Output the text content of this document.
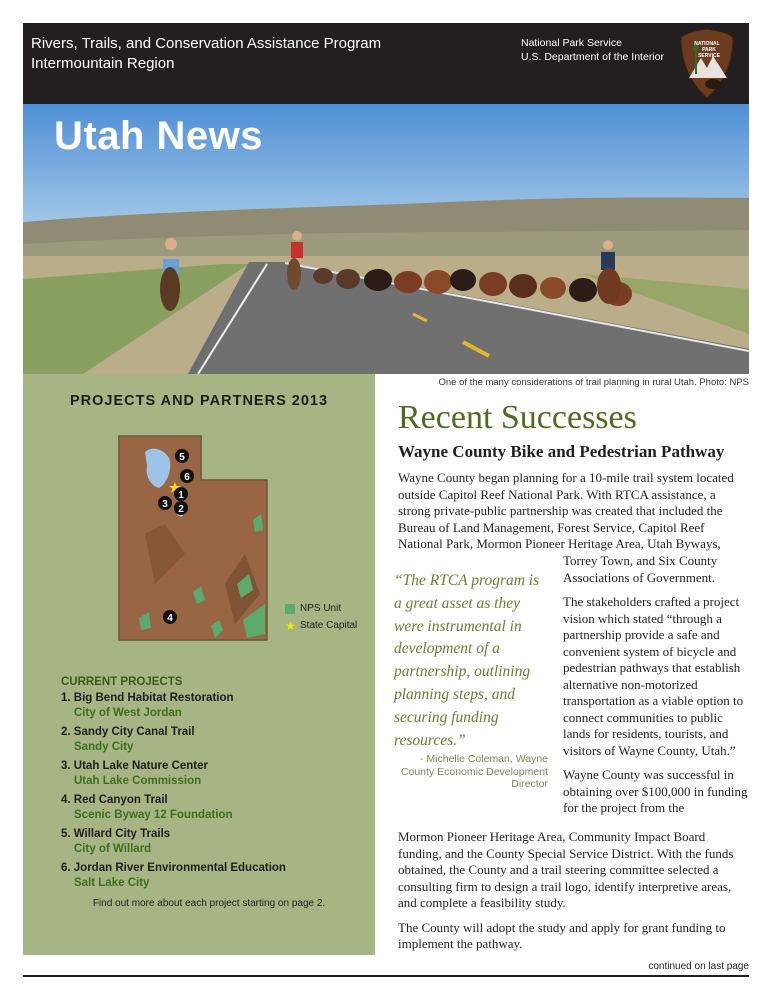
Rivers, Trails, and Conservation Assistance Program
Intermountain Region
National Park Service
U.S. Department of the Interior
NATIONAL
PARK
SERVICE
Utah News
One of the many considerations of trail planning in rural Utah. Photo: NPS
PROJECTS AND PARTNERS 2013
5
6
1
3 2
4
NPS Unit
★ State Capital
CURRENT PROJECTS
1. Big Bend Habitat Restoration
City of West Jordan
2. Sandy City Canal Trail
Sandy City
3. Utah Lake Nature Center
Utah Lake Commission
4. Red Canyon Trail
Scenic Byway 12 Foundation
5. Willard City Trails
City of Willard
6. Jordan River Environmental Education
Salt Lake City
Find out more about each project starting on page 2.
Recent Successes
Wayne County Bike and Pedestrian Pathway

Wayne County began planning for a 10-mile trail system located outside Capitol Reef National Park. With RTCA assistance, a strong private-public partnership was created that included the Bureau of Land Management, Forest Service, Capitol Reef National Park, Mormon Pioneer Heritage Area, Utah Byways,

Torrey Town, and Six County Associations of Government.

The stakeholders crafted a project vision which stated “through a partnership provide a safe and convenient system of bicycle and pedestrian pathways that establish alternative non-motorized transportation as a viable option to connect communities to public lands for residents, tourists, and visitors of Wayne County, Utah.”

Wayne County was successful in obtaining over $100,000 in funding for the project from the

Mormon Pioneer Heritage Area, Community Impact Board funding, and the County Special Service District. With the funds obtained, the County and a trail steering committee selected a consulting firm to design a trail logo, identify interpretive areas, and complete a feasibility study.

The County will adopt the study and apply for grant funding to implement the pathway.

“The RTCA program is a great asset as they were instrumental in development of a partnership, outlining planning steps, and securing funding resources.”
- Michelle Coleman, Wayne County Economic Development Director
continued on last page
